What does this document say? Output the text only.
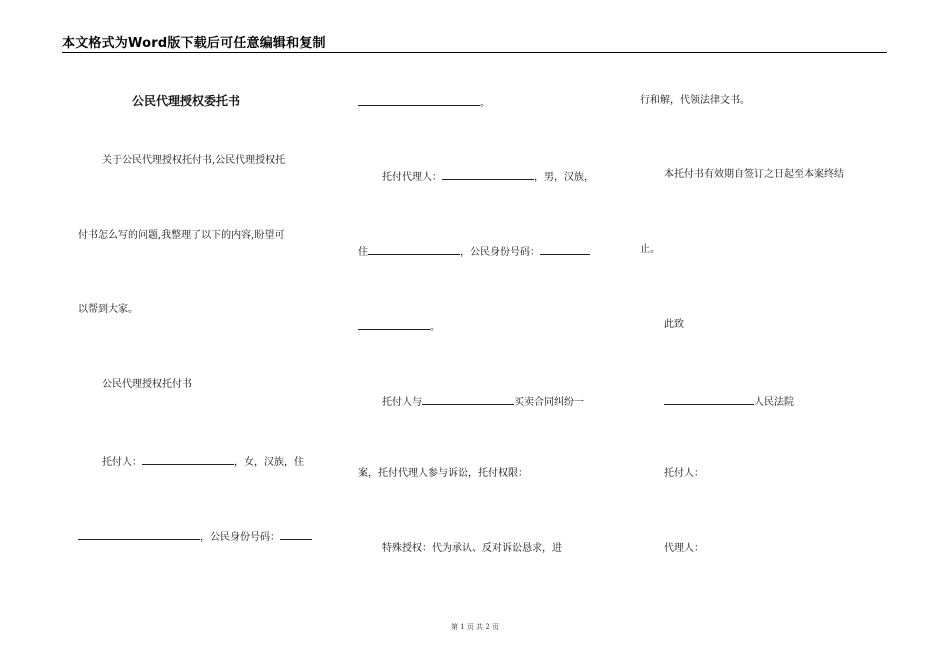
本文格式为Word版下载后可任意编辑和复制
公民代理授权委托书
关于公民代理授权托付书,公民代理授权托
付书怎么写的问题,我整理了以下的内容,盼望可
以帮到大家。
公民代理授权托付书
托付人：	，女，汉族，住
，公民身份号码：
。
托付代理人：	，男，汉族，
住	，公民身份号码：
。
托付人与	买卖合同纠纷一
案，托付代理人参与诉讼，托付权限：
特殊授权：代为承认、反对诉讼恳求，进
行和解，代领法律文书。
本托付书有效期自签订之日起至本案终结
止。
此致
人民法院
托付人：
代理人：
第 1 页 共 2 页
